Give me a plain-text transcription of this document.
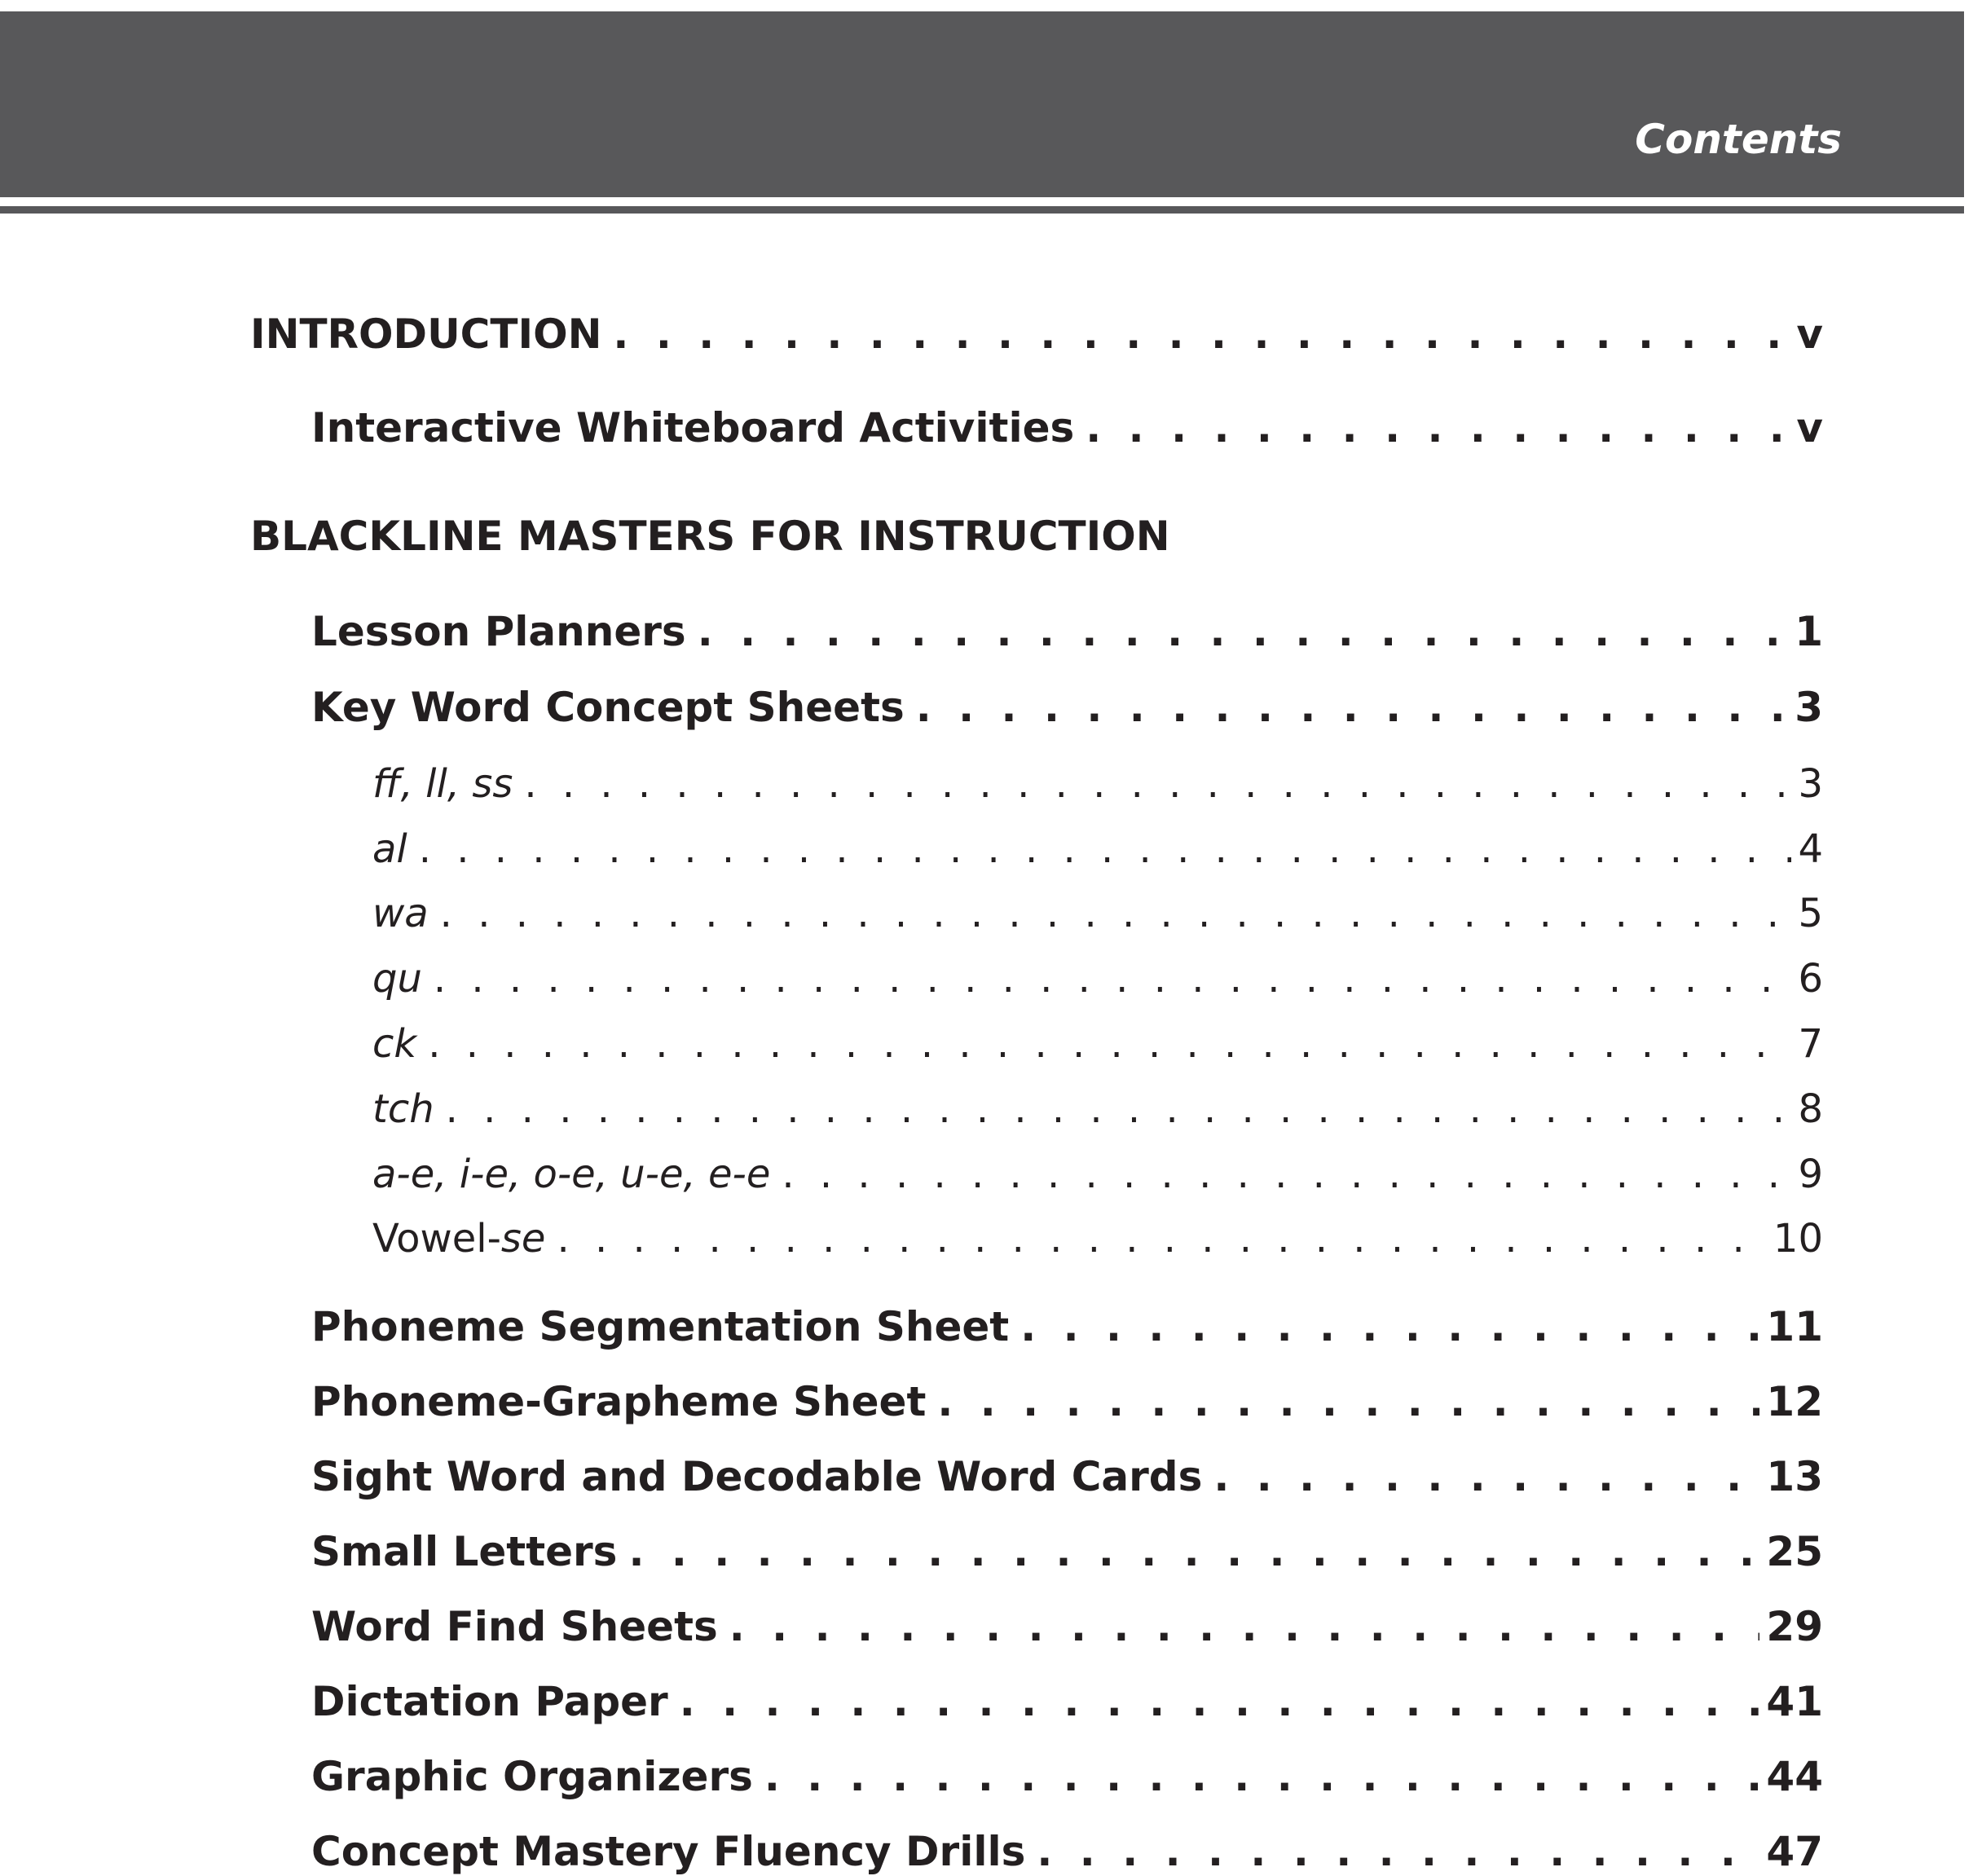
Contents
INTRODUCTION . . .	v
Interactive Whiteboard Activities . . .	v
BLACKLINE MASTERS FOR INSTRUCTION
Lesson Planners . . .	1
Key Word Concept Sheets . . .	3
ff, ll, ss . . .	3
al . . .	4
wa . . .	5
qu . . .	6
ck . . .	7
tch . . .	8
a-e, i-e, o-e, u-e, e-e . . .	9
Vowel-se . . .	10
Phoneme Segmentation Sheet . . .	11
Phoneme-Grapheme Sheet . . .	12
Sight Word and Decodable Word Cards . . .	13
Small Letters . . .	25
Word Find Sheets . . .	29
Dictation Paper . . .	41
Graphic Organizers . . .	44
Concept Mastery Fluency Drills . . .	47
